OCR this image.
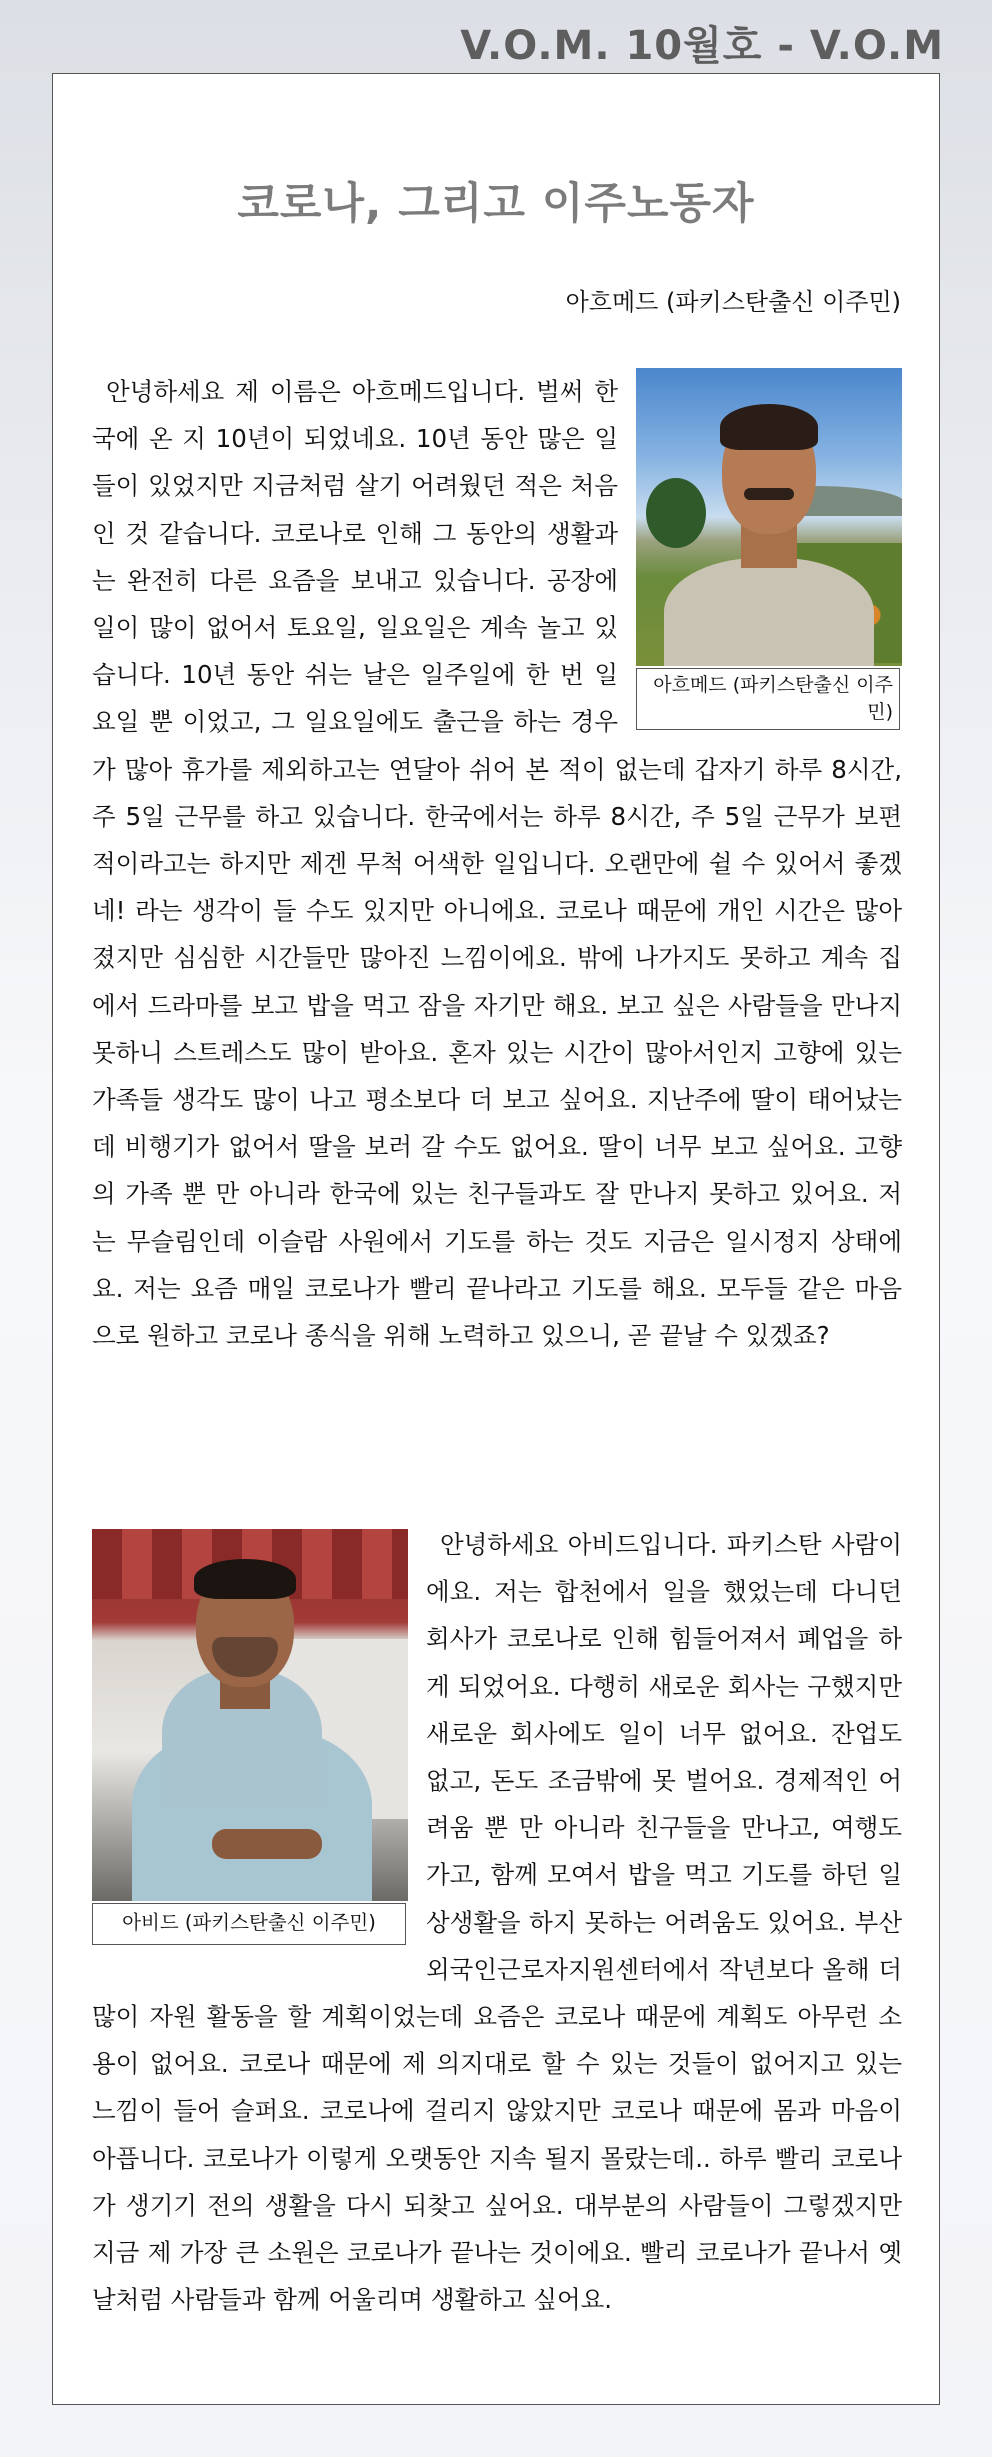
V.O.M. 10월호 - V.O.M
코로나, 그리고 이주노동자
아흐메드 (파키스탄출신 이주민)
아흐메드 (파키스탄출신 이주민)

안녕하세요 제 이름은 아흐메드입니다. 벌써 한국에 온 지 10년이 되었네요. 10년 동안 많은 일들이 있었지만 지금처럼 살기 어려웠던 적은 처음 인 것 같습니다. 코로나로 인해 그 동안의 생활과는 완전히 다른 요즘을 보내고 있습니다. 공장에 일이 많이 없어서 토요일, 일요일은 계속 놀고 있습니다. 10년 동안 쉬는 날은 일주일에 한 번 일요일 뿐 이었고, 그 일요일에도 출근을 하는 경우가 많아 휴가를 제외하고는 연달아 쉬어 본 적이 없는데 갑자기 하루 8시간, 주 5일 근무를 하고 있습니다. 한국에서는 하루 8시간, 주 5일 근무가 보편적이라고는 하지만 제겐 무척 어색한 일입니다. 오랜만에 쉴 수 있어서 좋겠네! 라는 생각이 들 수도 있지만 아니에요. 코로나 때문에 개인 시간은 많아졌지만 심심한 시간들만 많아진 느낌이에요. 밖에 나가지도 못하고 계속 집에서 드라마를 보고 밥을 먹고 잠을 자기만 해요. 보고 싶은 사람들을 만나지 못하니 스트레스도 많이 받아요. 혼자 있는 시간이 많아서인지 고향에 있는 가족들 생각도 많이 나고 평소보다 더 보고 싶어요. 지난주에 딸이 태어났는데 비행기가 없어서 딸을 보러 갈 수도 없어요. 딸이 너무 보고 싶어요. 고향의 가족 뿐 만 아니라 한국에 있는 친구들과도 잘 만나지 못하고 있어요. 저는 무슬림인데 이슬람 사원에서 기도를 하는 것도 지금은 일시정지 상태에요. 저는 요즘 매일 코로나가 빨리 끝나라고 기도를 해요. 모두들 같은 마음으로 원하고 코로나 종식을 위해 노력하고 있으니, 곧 끝날 수 있겠죠?

아비드 (파키스탄출신 이주민)

안녕하세요 아비드입니다. 파키스탄 사람이에요. 저는 합천에서 일을 했었는데 다니던 회사가 코로나로 인해 힘들어져서 폐업을 하게 되었어요. 다행히 새로운 회사는 구했지만 새로운 회사에도 일이 너무 없어요. 잔업도 없고, 돈도 조금밖에 못 벌어요. 경제적인 어려움 뿐 만 아니라 친구들을 만나고, 여행도가고, 함께 모여서 밥을 먹고 기도를 하던 일상생활을 하지 못하는 어려움도 있어요. 부산외국인근로자지원센터에서 작년보다 올해 더 많이 자원 활동을 할 계획이었는데 요즘은 코로나 때문에 계획도 아무런 소용이 없어요. 코로나 때문에 제 의지대로 할 수 있는 것들이 없어지고 있는 느낌이 들어 슬퍼요. 코로나에 걸리지 않았지만 코로나 때문에 몸과 마음이 아픕니다. 코로나가 이렇게 오랫동안 지속 될지 몰랐는데.. 하루 빨리 코로나가 생기기 전의 생활을 다시 되찾고 싶어요. 대부분의 사람들이 그렇겠지만 지금 제 가장 큰 소원은 코로나가 끝나는 것이에요. 빨리 코로나가 끝나서 옛날처럼 사람들과 함께 어울리며 생활하고 싶어요.
